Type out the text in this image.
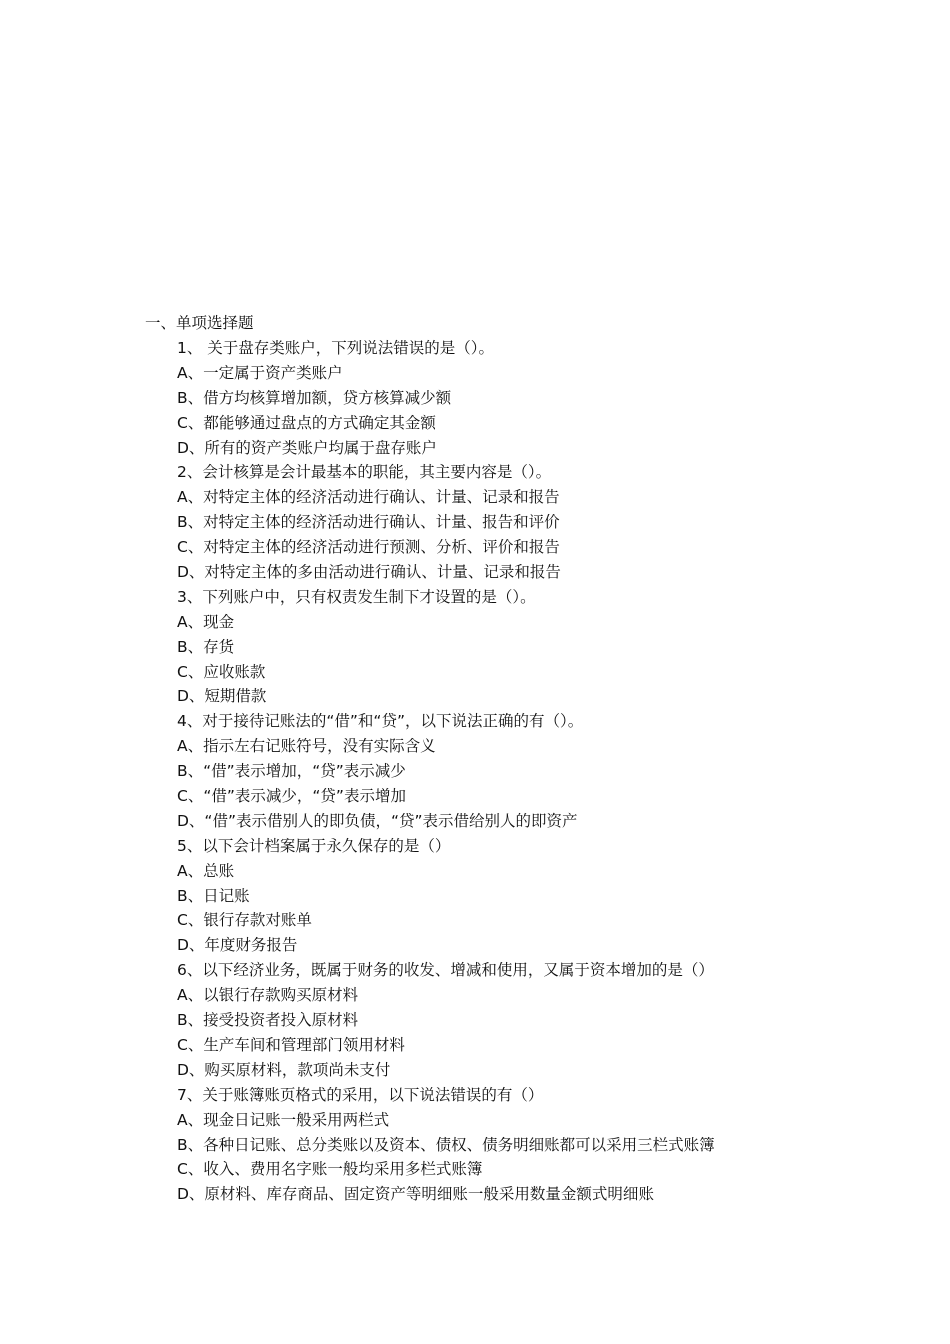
一、单项选择题
1、 关于盘存类账户，下列说法错误的是（）。
A、一定属于资产类账户
B、借方均核算增加额，贷方核算减少额
C、都能够通过盘点的方式确定其金额
D、所有的资产类账户均属于盘存账户
2、会计核算是会计最基本的职能，其主要内容是（）。
A、对特定主体的经济活动进行确认、计量、记录和报告
B、对特定主体的经济活动进行确认、计量、报告和评价
C、对特定主体的经济活动进行预测、分析、评价和报告
D、对特定主体的多由活动进行确认、计量、记录和报告
3、下列账户中，只有权责发生制下才设置的是（）。
A、现金
B、存货
C、应收账款
D、短期借款
4、对于接待记账法的“借”和“贷”，以下说法正确的有（）。
A、指示左右记账符号，没有实际含义
B、“借”表示增加，“贷”表示减少
C、“借”表示减少，“贷”表示增加
D、“借”表示借别人的即负债，“贷”表示借给别人的即资产
5、以下会计档案属于永久保存的是（）
A、总账
B、日记账
C、银行存款对账单
D、年度财务报告
6、以下经济业务，既属于财务的收发、增减和使用，又属于资本增加的是（）
A、以银行存款购买原材料
B、接受投资者投入原材料
C、生产车间和管理部门领用材料
D、购买原材料，款项尚未支付
7、关于账簿账页格式的采用，以下说法错误的有（）
A、现金日记账一般采用两栏式
B、各种日记账、总分类账以及资本、债权、债务明细账都可以采用三栏式账簿
C、收入、费用名字账一般均采用多栏式账簿
D、原材料、库存商品、固定资产等明细账一般采用数量金额式明细账
